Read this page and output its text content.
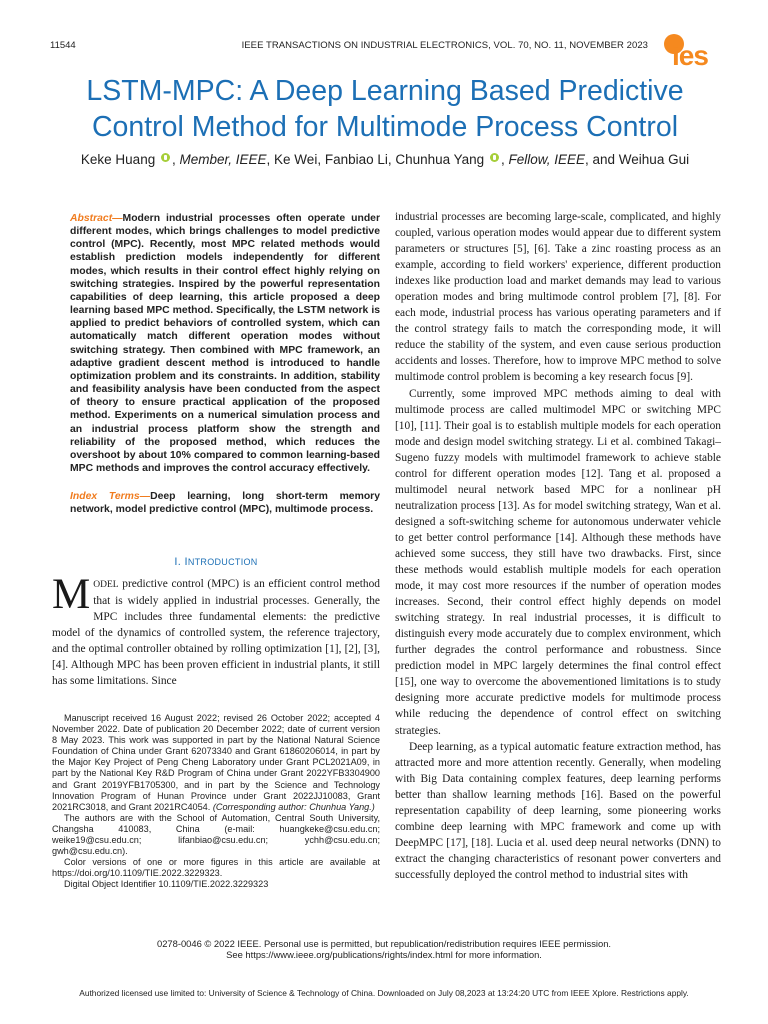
11544	IEEE TRANSACTIONS ON INDUSTRIAL ELECTRONICS, VOL. 70, NO. 11, NOVEMBER 2023 ies
LSTM-MPC: A Deep Learning Based Predictive
Control Method for Multimode Process Control
Keke Huang , Member, IEEE, Ke Wei, Fanbiao Li, Chunhua Yang , Fellow, IEEE, and Weihua Gui
Abstract—Modern industrial processes often operate under different modes, which brings challenges to model predictive control (MPC). Recently, most MPC related methods would establish prediction models independently for different modes, which results in their control effect highly relying on switching strategies. Inspired by the powerful representation capabilities of deep learning, this article proposed a deep learning based MPC method. Specifically, the LSTM network is applied to predict behaviors of controlled system, which can automatically match different operation modes without switching strategy. Then combined with MPC framework, an adaptive gradient descent method is introduced to handle optimization problem and its constraints. In addition, stability and feasibility analysis have been conducted from the aspect of theory to ensure practical application of the proposed method. Experiments on a numerical simulation process and an industrial process platform show the strength and reliability of the proposed method, which reduces the overshoot by about 10% compared to common learning-based MPC methods and improves the control accuracy effectively.
Index Terms—Deep learning, long short-term memory network, model predictive control (MPC), multimode process.
I. INTRODUCTION
MODEL predictive control (MPC) is an efficient control method that is widely applied in industrial processes. Generally, the MPC includes three fundamental elements: the predictive model of the dynamics of controlled system, the reference trajectory, and the optimal controller obtained by rolling optimization [1], [2], [3], [4]. Although MPC has been proven efficient in industrial plants, it still has some limitations. Since

Manuscript received 16 August 2022; revised 26 October 2022; accepted 4 November 2022. Date of publication 20 December 2022; date of current version 8 May 2023. This work was supported in part by the National Natural Science Foundation of China under Grant 62073340 and Grant 61860206014, in part by the Major Key Project of Peng Cheng Laboratory under Grant PCL2021A09, in part by the National Key R&D Program of China under Grant 2022YFB3304900 and Grant 2019YFB1705300, and in part by the Science and Technology Innovation Program of Hunan Province under Grant 2022JJ10083, Grant 2021RC3018, and Grant 2021RC4054. (Corresponding author: Chunhua Yang.)

The authors are with the School of Automation, Central South University, Changsha 410083, China (e-mail: huangkeke@csu.edu.cn; weike19@csu.edu.cn; lifanbiao@csu.edu.cn; ychh@csu.edu.cn; gwh@csu.edu.cn).

Color versions of one or more figures in this article are available at https://doi.org/10.1109/TIE.2022.3229323.

Digital Object Identifier 10.1109/TIE.2022.3229323

industrial processes are becoming large-scale, complicated, and highly coupled, various operation modes would appear due to different system parameters or structures [5], [6]. Take a zinc roasting process as an example, according to field workers' experience, different production indexes like production load and market demands may lead to various operation modes and bring multimode control problem [7], [8]. For each mode, industrial process has various operating parameters and if the control strategy fails to match the corresponding mode, it will reduce the stability of the system, and even cause serious production accidents and losses. Therefore, how to improve MPC method to solve multimode control problem is becoming a key research focus [9].

Currently, some improved MPC methods aiming to deal with multimode process are called multimodel MPC or switching MPC [10], [11]. Their goal is to establish multiple models for each operation mode and design model switching strategy. Li et al. combined Takagi–Sugeno fuzzy models with multimodel framework to achieve stable control for different operation modes [12]. Tang et al. proposed a multimodel neural network based MPC for a nonlinear pH neutralization process [13]. As for model switching strategy, Wan et al. designed a soft-switching scheme for autonomous underwater vehicle to get better control performance [14]. Although these methods have achieved some success, they still have two drawbacks. First, since these methods would establish multiple models for each operation mode, it may cost more resources if the number of operation modes increases. Second, their control effect highly depends on model switching strategy. In real industrial processes, it is difficult to distinguish every mode accurately due to complex environment, which further degrades the control performance and robustness. Since prediction model in MPC largely determines the final control effect [15], one way to overcome the abovementioned limitations is to study designing more accurate predictive models for multimode process while reducing the dependence of control effect on switching strategies.

Deep learning, as a typical automatic feature extraction method, has attracted more and more attention recently. Generally, when modeling with Big Data containing complex features, deep learning performs better than shallow learning methods [16]. Based on the powerful representation capability of deep learning, some pioneering works combine deep learning with MPC framework and come up with DeepMPC [17], [18]. Lucia et al. used deep neural networks (DNN) to extract the changing characteristics of resonant power converters and successfully deployed the control method to industrial sites with

0278-0046 © 2022 IEEE. Personal use is permitted, but republication/redistribution requires IEEE permission.
See https://www.ieee.org/publications/rights/index.html for more information.
Authorized licensed use limited to: University of Science & Technology of China. Downloaded on July 08,2023 at 13:24:20 UTC from IEEE Xplore. Restrictions apply.
